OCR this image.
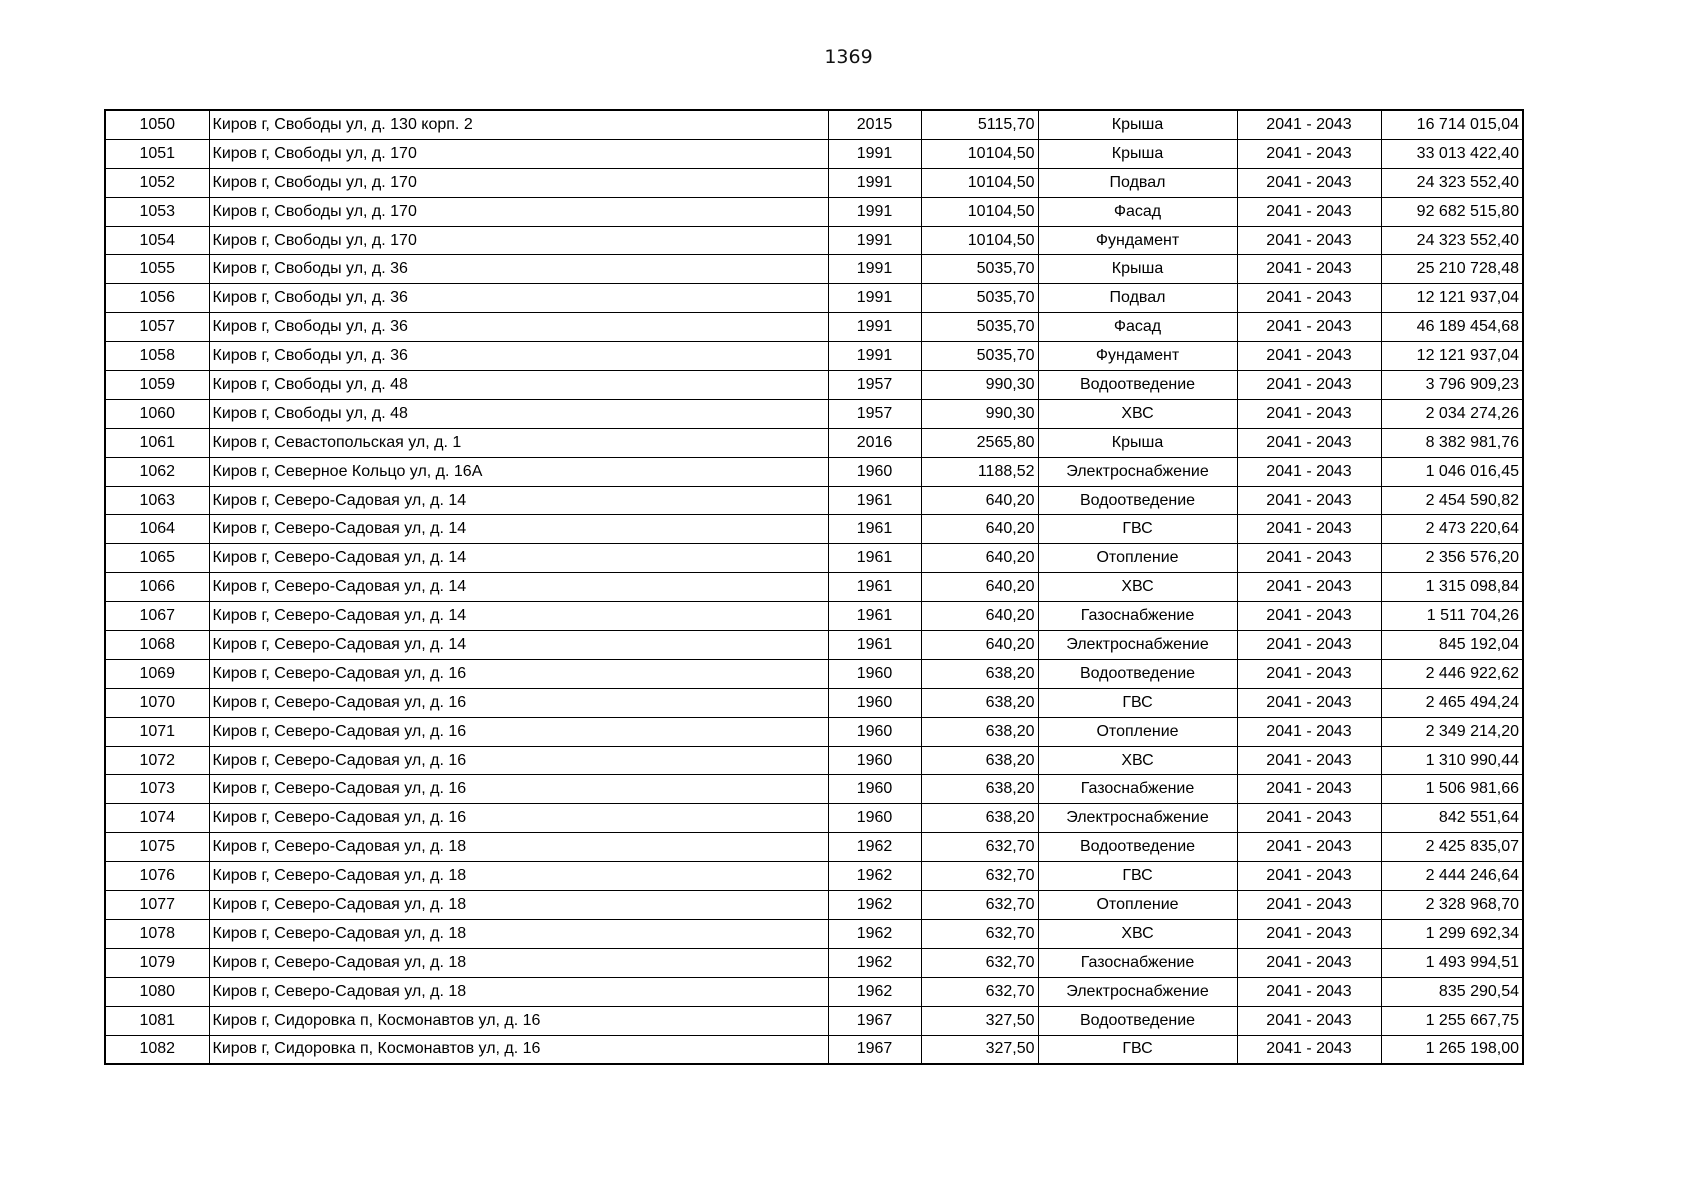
1369
1050	Киров г, Свободы ул, д. 130 корп. 2	2015	5115,70	Крыша	2041 - 2043	16 714 015,04
1051	Киров г, Свободы ул, д. 170	1991	10104,50	Крыша	2041 - 2043	33 013 422,40
1052	Киров г, Свободы ул, д. 170	1991	10104,50	Подвал	2041 - 2043	24 323 552,40
1053	Киров г, Свободы ул, д. 170	1991	10104,50	Фасад	2041 - 2043	92 682 515,80
1054	Киров г, Свободы ул, д. 170	1991	10104,50	Фундамент	2041 - 2043	24 323 552,40
1055	Киров г, Свободы ул, д. 36	1991	5035,70	Крыша	2041 - 2043	25 210 728,48
1056	Киров г, Свободы ул, д. 36	1991	5035,70	Подвал	2041 - 2043	12 121 937,04
1057	Киров г, Свободы ул, д. 36	1991	5035,70	Фасад	2041 - 2043	46 189 454,68
1058	Киров г, Свободы ул, д. 36	1991	5035,70	Фундамент	2041 - 2043	12 121 937,04
1059	Киров г, Свободы ул, д. 48	1957	990,30	Водоотведение	2041 - 2043	3 796 909,23
1060	Киров г, Свободы ул, д. 48	1957	990,30	ХВС	2041 - 2043	2 034 274,26
1061	Киров г, Севастопольская ул, д. 1	2016	2565,80	Крыша	2041 - 2043	8 382 981,76
1062	Киров г, Северное Кольцо ул, д. 16А	1960	1188,52	Электроснабжение	2041 - 2043	1 046 016,45
1063	Киров г, Северо-Садовая ул, д. 14	1961	640,20	Водоотведение	2041 - 2043	2 454 590,82
1064	Киров г, Северо-Садовая ул, д. 14	1961	640,20	ГВС	2041 - 2043	2 473 220,64
1065	Киров г, Северо-Садовая ул, д. 14	1961	640,20	Отопление	2041 - 2043	2 356 576,20
1066	Киров г, Северо-Садовая ул, д. 14	1961	640,20	ХВС	2041 - 2043	1 315 098,84
1067	Киров г, Северо-Садовая ул, д. 14	1961	640,20	Газоснабжение	2041 - 2043	1 511 704,26
1068	Киров г, Северо-Садовая ул, д. 14	1961	640,20	Электроснабжение	2041 - 2043	845 192,04
1069	Киров г, Северо-Садовая ул, д. 16	1960	638,20	Водоотведение	2041 - 2043	2 446 922,62
1070	Киров г, Северо-Садовая ул, д. 16	1960	638,20	ГВС	2041 - 2043	2 465 494,24
1071	Киров г, Северо-Садовая ул, д. 16	1960	638,20	Отопление	2041 - 2043	2 349 214,20
1072	Киров г, Северо-Садовая ул, д. 16	1960	638,20	ХВС	2041 - 2043	1 310 990,44
1073	Киров г, Северо-Садовая ул, д. 16	1960	638,20	Газоснабжение	2041 - 2043	1 506 981,66
1074	Киров г, Северо-Садовая ул, д. 16	1960	638,20	Электроснабжение	2041 - 2043	842 551,64
1075	Киров г, Северо-Садовая ул, д. 18	1962	632,70	Водоотведение	2041 - 2043	2 425 835,07
1076	Киров г, Северо-Садовая ул, д. 18	1962	632,70	ГВС	2041 - 2043	2 444 246,64
1077	Киров г, Северо-Садовая ул, д. 18	1962	632,70	Отопление	2041 - 2043	2 328 968,70
1078	Киров г, Северо-Садовая ул, д. 18	1962	632,70	ХВС	2041 - 2043	1 299 692,34
1079	Киров г, Северо-Садовая ул, д. 18	1962	632,70	Газоснабжение	2041 - 2043	1 493 994,51
1080	Киров г, Северо-Садовая ул, д. 18	1962	632,70	Электроснабжение	2041 - 2043	835 290,54
1081	Киров г, Сидоровка п, Космонавтов ул, д. 16	1967	327,50	Водоотведение	2041 - 2043	1 255 667,75
1082	Киров г, Сидоровка п, Космонавтов ул, д. 16	1967	327,50	ГВС	2041 - 2043	1 265 198,00
